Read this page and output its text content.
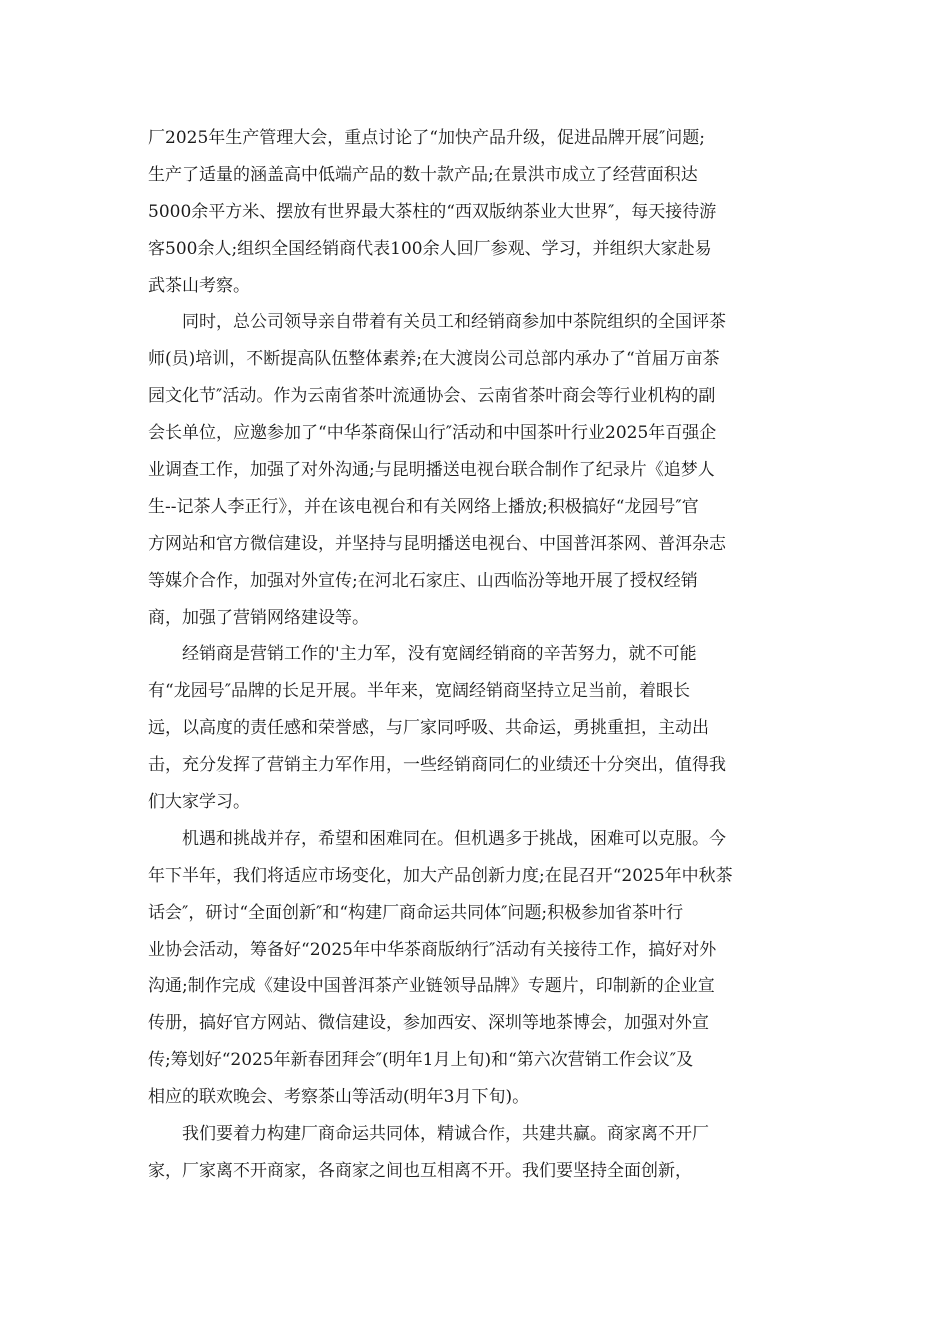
厂2025年生产管理大会，重点讨论了“加快产品升级，促进品牌开展″问题;
生产了适量的涵盖高中低端产品的数十款产品;在景洪市成立了经营面积达
5000余平方米、摆放有世界最大茶柱的“西双版纳茶业大世界″，每天接待游
客500余人;组织全国经销商代表100余人回厂参观、学习，并组织大家赴易
武茶山考察。

同时，总公司领导亲自带着有关员工和经销商参加中茶院组织的全国评茶
师(员)培训，不断提高队伍整体素养;在大渡岗公司总部内承办了“首届万亩茶
园文化节″活动。作为云南省茶叶流通协会、云南省茶叶商会等行业机构的副
会长单位，应邀参加了“中华茶商保山行″活动和中国茶叶行业2025年百强企
业调查工作，加强了对外沟通;与昆明播送电视台联合制作了纪录片《追梦人
生--记茶人李正行》，并在该电视台和有关网络上播放;积极搞好“龙园号″官
方网站和官方微信建设，并坚持与昆明播送电视台、中国普洱茶网、普洱杂志
等媒介合作，加强对外宣传;在河北石家庄、山西临汾等地开展了授权经销
商，加强了营销网络建设等。

经销商是营销工作的'主力军，没有宽阔经销商的辛苦努力，就不可能
有“龙园号″品牌的长足开展。半年来，宽阔经销商坚持立足当前，着眼长
远，以高度的责任感和荣誉感，与厂家同呼吸、共命运，勇挑重担，主动出
击，充分发挥了营销主力军作用，一些经销商同仁的业绩还十分突出，值得我
们大家学习。

机遇和挑战并存，希望和困难同在。但机遇多于挑战，困难可以克服。今
年下半年，我们将适应市场变化，加大产品创新力度;在昆召开“2025年中秋茶
话会″，研讨“全面创新″和“构建厂商命运共同体″问题;积极参加省茶叶行
业协会活动，筹备好“2025年中华茶商版纳行″活动有关接待工作，搞好对外
沟通;制作完成《建设中国普洱茶产业链领导品牌》专题片，印制新的企业宣
传册，搞好官方网站、微信建设，参加西安、深圳等地茶博会，加强对外宣
传;筹划好“2025年新春团拜会″(明年1月上旬)和“第六次营销工作会议″及
相应的联欢晚会、考察茶山等活动(明年3月下旬)。

我们要着力构建厂商命运共同体，精诚合作，共建共赢。商家离不开厂
家，厂家离不开商家，各商家之间也互相离不开。我们要坚持全面创新，
